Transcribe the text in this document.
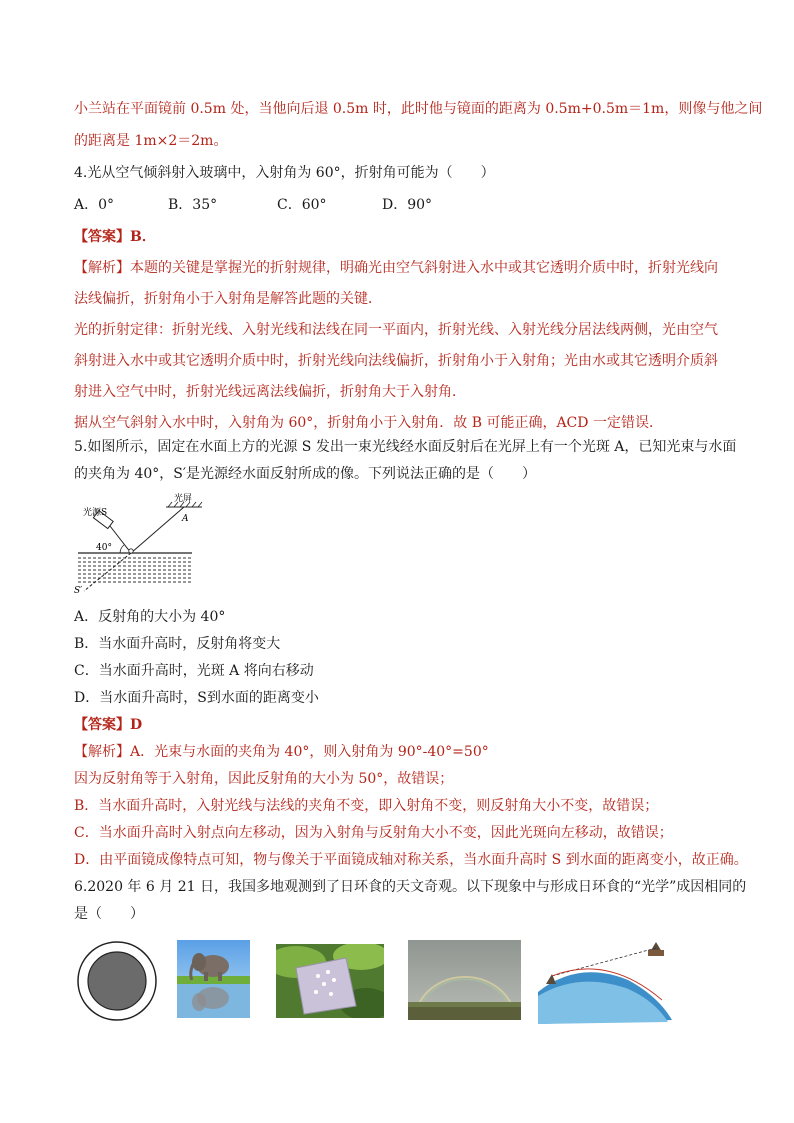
小兰站在平面镜前 0.5m 处，当他向后退 0.5m 时，此时他与镜面的距离为 0.5m+0.5m＝1m，则像与他之间
的距离是 1m×2＝2m。
4.光从空气倾斜射入玻璃中，入射角为 60°，折射角可能为（　　）
A．0°	B．35°	C．60°	D．90°
【答案】B．
【解析】本题的关键是掌握光的折射规律，明确光由空气斜射进入水中或其它透明介质中时，折射光线向
法线偏折，折射角小于入射角是解答此题的关键．
光的折射定律：折射光线、入射光线和法线在同一平面内，折射光线、入射光线分居法线两侧，光由空气
斜射进入水中或其它透明介质中时，折射光线向法线偏折，折射角小于入射角；光由水或其它透明介质斜
射进入空气中时，折射光线远离法线偏折，折射角大于入射角．
据从空气斜射入水中时，入射角为 60°，折射角小于入射角．故 B 可能正确，ACD 一定错误．
5.如图所示，固定在水面上方的光源 S 发出一束光线经水面反射后在光屏上有一个光斑 A，已知光束与水面
的夹角为 40°，S′是光源经水面反射所成的像。下列说法正确的是（　　）
光源S
光屏
A
40°
S′
A．反射角的大小为 40°
B．当水面升高时，反射角将变大
C．当水面升高时，光斑 A 将向右移动
D．当水面升高时，S到水面的距离变小
【答案】D
【解析】A．光束与水面的夹角为 40°，则入射角为 90°-40°=50°
因为反射角等于入射角，因此反射角的大小为 50°，故错误；
B．当水面升高时，入射光线与法线的夹角不变，即入射角不变，则反射角大小不变，故错误；
C．当水面升高时入射点向左移动，因为入射角与反射角大小不变，因此光斑向左移动，故错误；
D．由平面镜成像特点可知，物与像关于平面镜成轴对称关系，当水面升高时 S 到水面的距离变小，故正确。
6.2020 年 6 月 21 日，我国多地观测到了日环食的天文奇观。以下现象中与形成日环食的“光学”成因相同的
是（　　）
